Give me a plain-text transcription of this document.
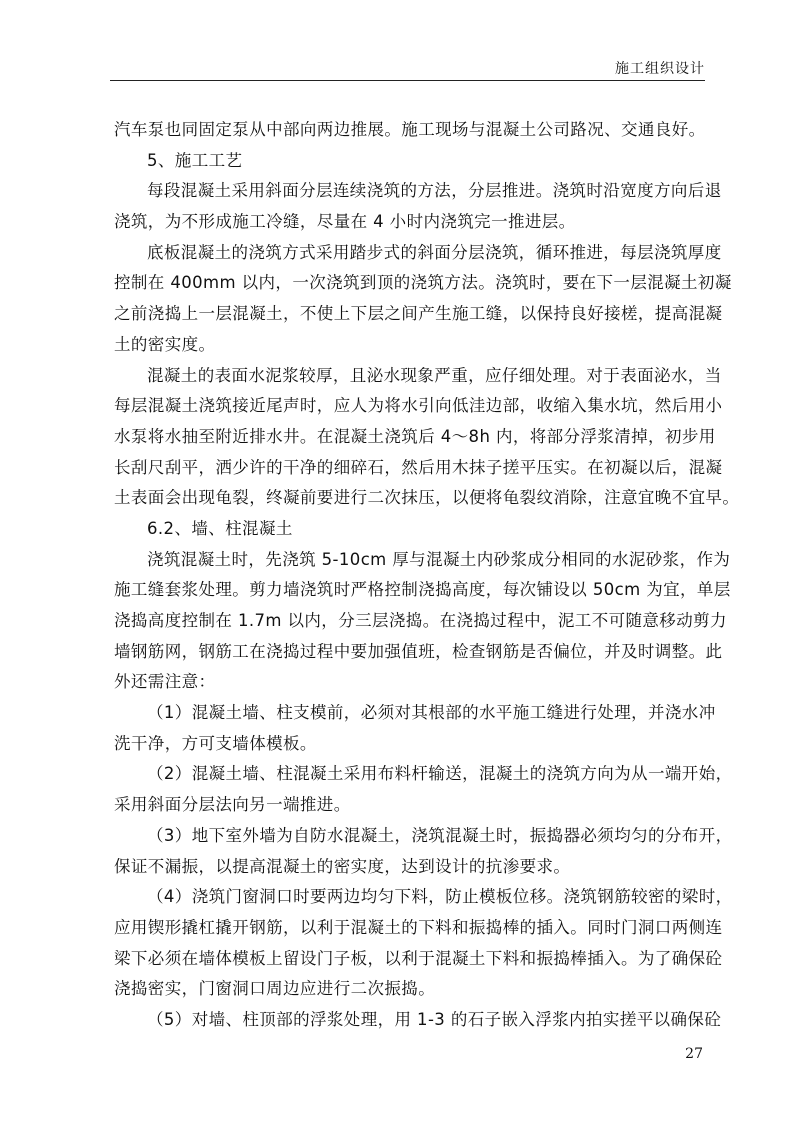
施工组织设计
汽车泵也同固定泵从中部向两边推展。施工现场与混凝土公司路况、交通良好。
5、施工工艺
每段混凝土采用斜面分层连续浇筑的方法，分层推进。浇筑时沿宽度方向后退
浇筑，为不形成施工冷缝，尽量在 4 小时内浇筑完一推进层。
底板混凝土的浇筑方式采用踏步式的斜面分层浇筑，循环推进，每层浇筑厚度
控制在 400mm 以内，一次浇筑到顶的浇筑方法。浇筑时，要在下一层混凝土初凝
之前浇捣上一层混凝土，不使上下层之间产生施工缝，以保持良好接槎，提高混凝
土的密实度。
混凝土的表面水泥浆较厚，且泌水现象严重，应仔细处理。对于表面泌水，当
每层混凝土浇筑接近尾声时，应人为将水引向低洼边部，收缩入集水坑，然后用小
水泵将水抽至附近排水井。在混凝土浇筑后 4～8h 内，将部分浮浆清掉，初步用
长刮尺刮平，洒少许的干净的细碎石，然后用木抹子搓平压实。在初凝以后，混凝
土表面会出现龟裂，终凝前要进行二次抹压，以便将龟裂纹消除，注意宜晚不宜早。
6.2、墙、柱混凝土
浇筑混凝土时，先浇筑 5-10cm 厚与混凝土内砂浆成分相同的水泥砂浆，作为
施工缝套浆处理。剪力墙浇筑时严格控制浇捣高度，每次铺设以 50cm 为宜，单层
浇捣高度控制在 1.7m 以内，分三层浇捣。在浇捣过程中，泥工不可随意移动剪力
墙钢筋网，钢筋工在浇捣过程中要加强值班，检查钢筋是否偏位，并及时调整。此
外还需注意：
（1）混凝土墙、柱支模前，必须对其根部的水平施工缝进行处理，并浇水冲
洗干净，方可支墙体模板。
（2）混凝土墙、柱混凝土采用布料杆输送，混凝土的浇筑方向为从一端开始，
采用斜面分层法向另一端推进。
（3）地下室外墙为自防水混凝土，浇筑混凝土时，振捣器必须均匀的分布开，
保证不漏振，以提高混凝土的密实度，达到设计的抗渗要求。
（4）浇筑门窗洞口时要两边均匀下料，防止模板位移。浇筑钢筋较密的梁时，
应用锲形撬杠撬开钢筋，以利于混凝土的下料和振捣棒的插入。同时门洞口两侧连
梁下必须在墙体模板上留设门子板，以利于混凝土下料和振捣棒插入。为了确保砼
浇捣密实，门窗洞口周边应进行二次振捣。
（5）对墙、柱顶部的浮浆处理，用 1-3 的石子嵌入浮浆内拍实搓平以确保砼
27
